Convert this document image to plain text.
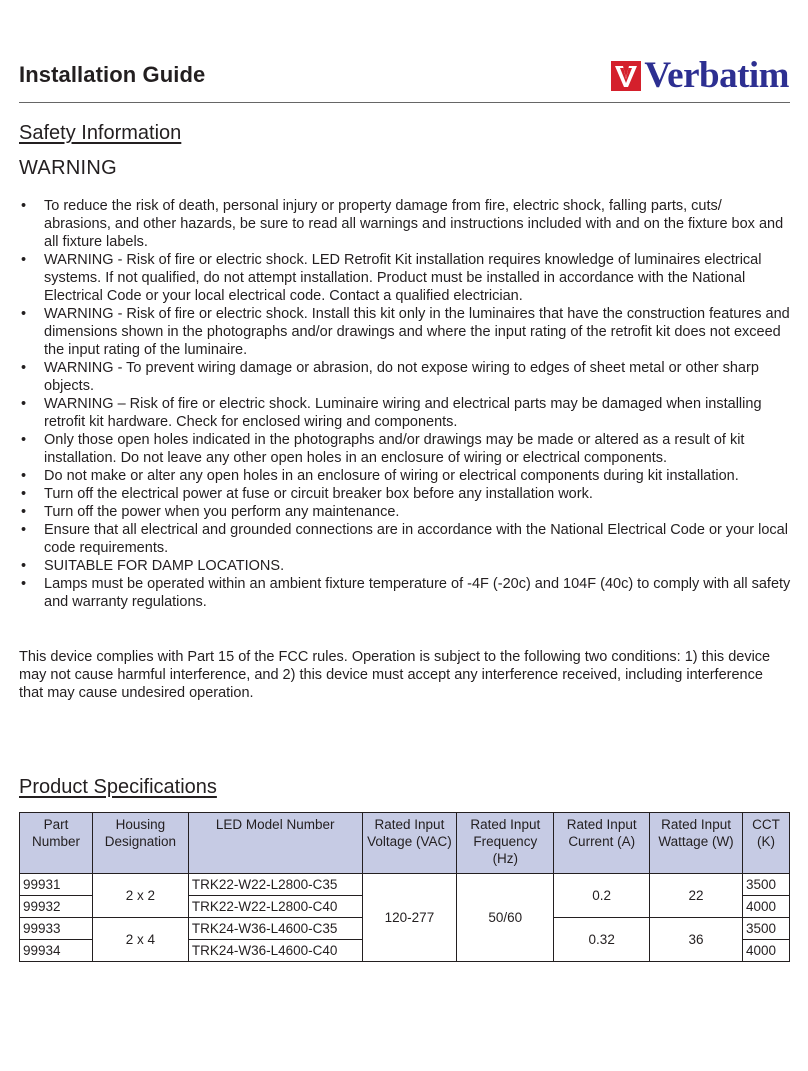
Installation Guide	Verbatim
Safety Information
WARNING
• To reduce the risk of death, personal injury or property damage from fire, electric shock, falling parts, cuts/ abrasions, and other hazards, be sure to read all warnings and instructions included with and on the fixture box and all fixture labels.
• WARNING - Risk of fire or electric shock. LED Retrofit Kit installation requires knowledge of luminaires electrical systems. If not qualified, do not attempt installation. Product must be installed in accordance with the National Electrical Code or your local electrical code. Contact a qualified electrician.
• WARNING - Risk of fire or electric shock. Install this kit only in the luminaires that have the construction features and dimensions shown in the photographs and/or drawings and where the input rating of the retrofit kit does not exceed the input rating of the luminaire.
• WARNING - To prevent wiring damage or abrasion, do not expose wiring to edges of sheet metal or other sharp objects.
• WARNING – Risk of fire or electric shock. Luminaire wiring and electrical parts may be damaged when installing retrofit kit hardware. Check for enclosed wiring and components.
• Only those open holes indicated in the photographs and/or drawings may be made or altered as a result of kit installation. Do not leave any other open holes in an enclosure of wiring or electrical components.
• Do not make or alter any open holes in an enclosure of wiring or electrical components during kit installation.
• Turn off the electrical power at fuse or circuit breaker box before any installation work.
• Turn off the power when you perform any maintenance.
• Ensure that all electrical and grounded connections are in accordance with the National Electrical Code or your local code requirements.
• SUITABLE FOR DAMP LOCATIONS.
• Lamps must be operated within an ambient fixture temperature of -4F (-20c) and 104F (40c) to comply with all safety and warranty regulations.

This device complies with Part 15 of the FCC rules. Operation is subject to the following two conditions: 1) this device may not cause harmful interference, and 2) this device must accept any interference received, including interference that may cause undesired operation.

Product Specifications
Part Number	Housing Designation	LED Model Number	Rated Input Voltage (VAC)	Rated Input Frequency (Hz)	Rated Input Current (A)	Rated Input Wattage (W)	CCT (K)
99931	2 x 2	TRK22-W22-L2800-C35	120-277	50/60	0.2	22	3500
99932		TRK22-W22-L2800-C40					4000
99933	2 x 4	TRK24-W36-L4600-C35			0.32	36	3500
99934		TRK24-W36-L4600-C40					4000
